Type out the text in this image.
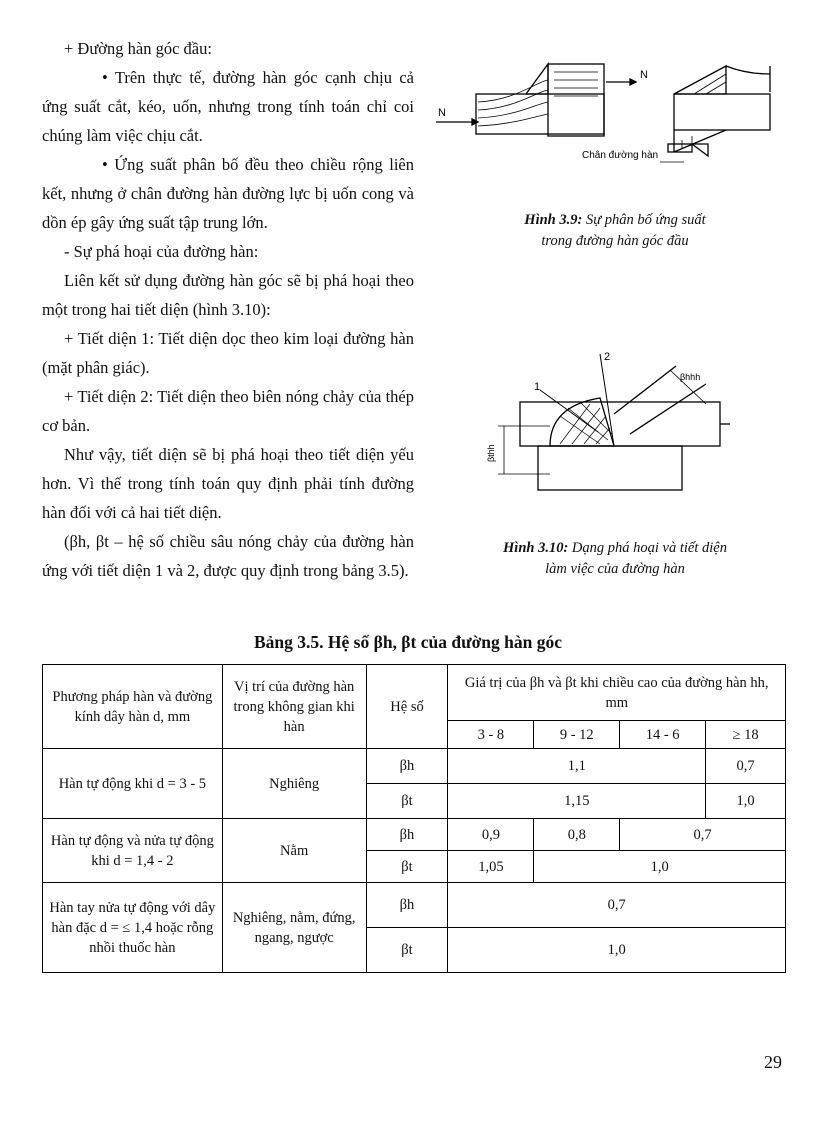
+ Đường hàn góc đầu:

• Trên thực tế, đường hàn góc cạnh chịu cả ứng suất cắt, kéo, uốn, nhưng trong tính toán chỉ coi chúng làm việc chịu cắt.

• Ứng suất phân bố đều theo chiều rộng liên kết, nhưng ở chân đường hàn đường lực bị uốn cong và dồn ép gây ứng suất tập trung lớn.

- Sự phá hoại của đường hàn:

Liên kết sử dụng đường hàn góc sẽ bị phá hoại theo một trong hai tiết diện (hình 3.10):

+ Tiết diện 1: Tiết diện dọc theo kim loại đường hàn (mặt phân giác).

+ Tiết diện 2: Tiết diện theo biên nóng chảy của thép cơ bản.

Như vậy, tiết diện sẽ bị phá hoại theo tiết diện yếu hơn. Vì thế trong tính toán quy định phải tính đường hàn đối với cả hai tiết diện.

(βh, βt – hệ số chiều sâu nóng chảy của đường hàn ứng với tiết diện 1 và 2, được quy định trong bảng 3.5).

N
N
Chân đường hàn
Hình 3.9: Sự phân bố ứng suất
trong đường hàn góc đầu
1
2
βhhh
βthh
Hình 3.10: Dạng phá hoại và tiết diện
làm việc của đường hàn
Bảng 3.5. Hệ số βh, βt của đường hàn góc
Phương pháp hàn và đường kính dây hàn d, mm	Vị trí của đường hàn trong không gian khi hàn	Hệ số	Giá trị của βh và βt khi chiều cao của đường hàn hh, mm			
			3 - 8	9 - 12	14 - 6	≥ 18
Hàn tự động khi d = 3 - 5	Nghiêng	βh	1,1			0,7
		βt	1,15			1,0
Hàn tự động và nửa tự động khi d = 1,4 - 2	Nằm	βh	0,9	0,8	0,7	
		βt	1,05	1,0		
Hàn tay nửa tự động với dây hàn đặc d = ≤ 1,4 hoặc rỗng nhồi thuốc hàn	Nghiêng, nằm, đứng, ngang, ngược	βh	0,7			
		βt	1,0			
29
